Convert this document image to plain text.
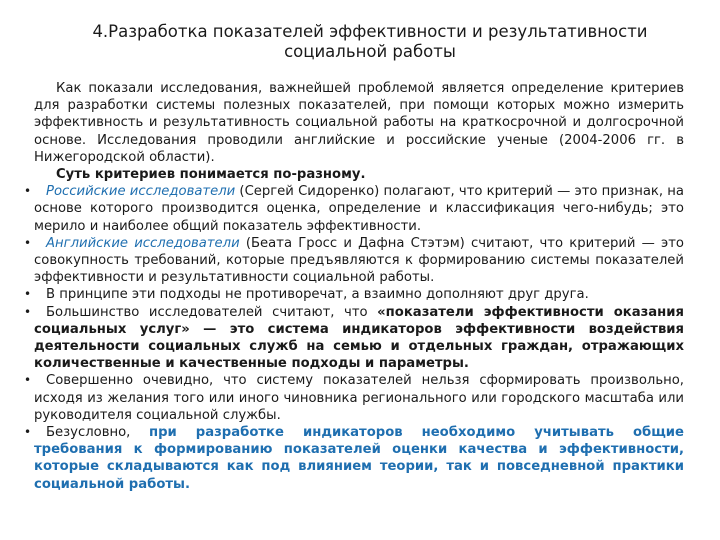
4.Разработка показателей эффективности и результативности
социальной работы
Как показали исследования, важнейшей проблемой является определение критериев для разработки системы полезных показателей, при помощи которых можно измерить эффективность и результативность социальной работы на краткосрочной и долгосрочной основе. Исследования проводили английские и российские ученые (2004-2006 гг. в Нижегородской области).
Суть критериев понимается по-разному.
• Российские исследователи (Сергей Сидоренко) полагают, что критерий — это признак, на основе которого производится оценка, определение и классификация чего-нибудь; это мерило и наиболее общий показатель эффективности.
• Английские исследователи (Беата Гросс и Дафна Стэтэм) считают, что критерий — это совокупность требований, которые предъявляются к формированию системы показателей эффективности и результативности социальной работы.
• В принципе эти подходы не противоречат, а взаимно дополняют друг друга.
• Большинство исследователей считают, что «показатели эффективности оказания социальных услуг» — это система индикаторов эффективности воздействия деятельности социальных служб на семью и отдельных граждан, отражающих количественные и качественные подходы и параметры.
• Совершенно очевидно, что систему показателей нельзя сформировать произвольно, исходя из желания того или иного чиновника регионального или городского масштаба или руководителя социальной службы.
• Безусловно, при разработке индикаторов необходимо учитывать общие требования к формированию показателей оценки качества и эффективности, которые складываются как под влиянием теории, так и повседневной практики социальной работы.
